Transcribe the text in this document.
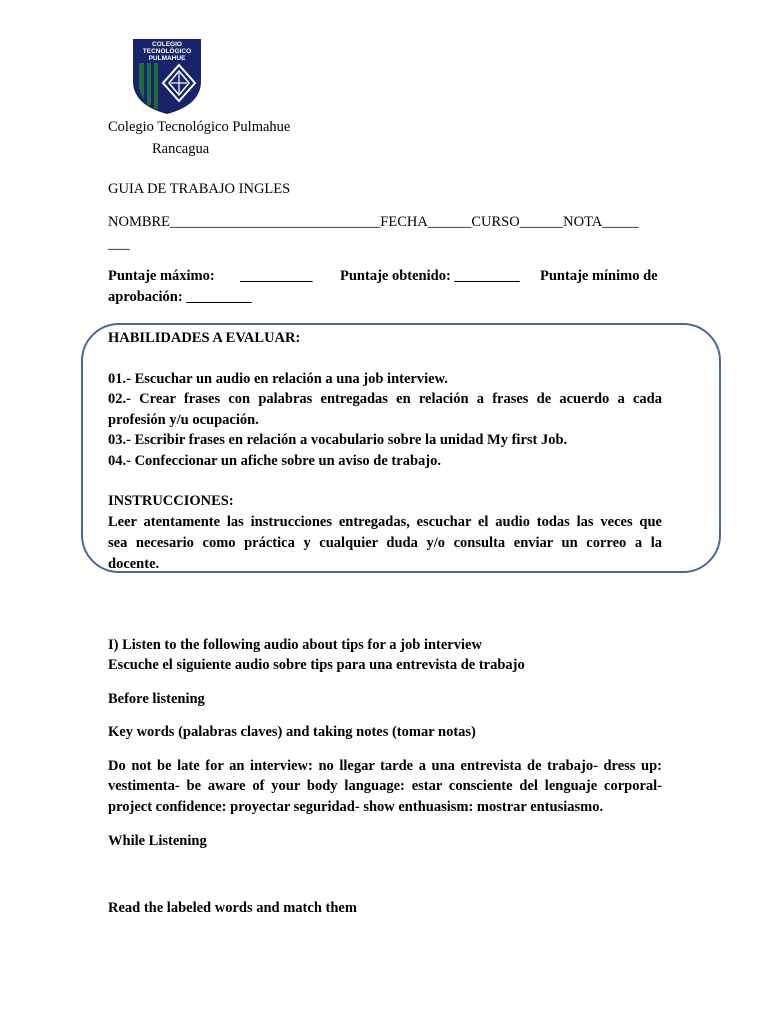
COLEGIO
TECNOLÓGICO
PULMAHUE
Colegio Tecnológico Pulmahue
Rancagua
GUIA DE TRABAJO INGLES
NOMBRE_____________________________FECHA______CURSO______NOTA_____
___
Puntaje máximo: __________ Puntaje obtenido: _________ Puntaje mínimo de
aprobación: _________
HABILIDADES A EVALUAR:
01.- Escuchar un audio en relación a una job interview.
02.- Crear frases con palabras entregadas en relación a frases de acuerdo a cada
profesión y/u ocupación.
03.- Escribir frases en relación a vocabulario sobre la unidad My first Job.
04.- Confeccionar un afiche sobre un aviso de trabajo.
INSTRUCCIONES:
Leer atentamente las instrucciones entregadas, escuchar el audio todas las veces que
sea necesario como práctica y cualquier duda y/o consulta enviar un correo a la
docente.
I) Listen to the following audio about tips for a job interview
Escuche el siguiente audio sobre tips para una entrevista de trabajo
Before listening
Key words (palabras claves) and taking notes (tomar notas)
Do not be late for an interview: no llegar tarde a una entrevista de trabajo- dress up:
vestimenta- be aware of your body language: estar consciente del lenguaje corporal-
project confidence: proyectar seguridad- show enthuasism: mostrar entusiasmo.
While Listening
Read the labeled words and match them
